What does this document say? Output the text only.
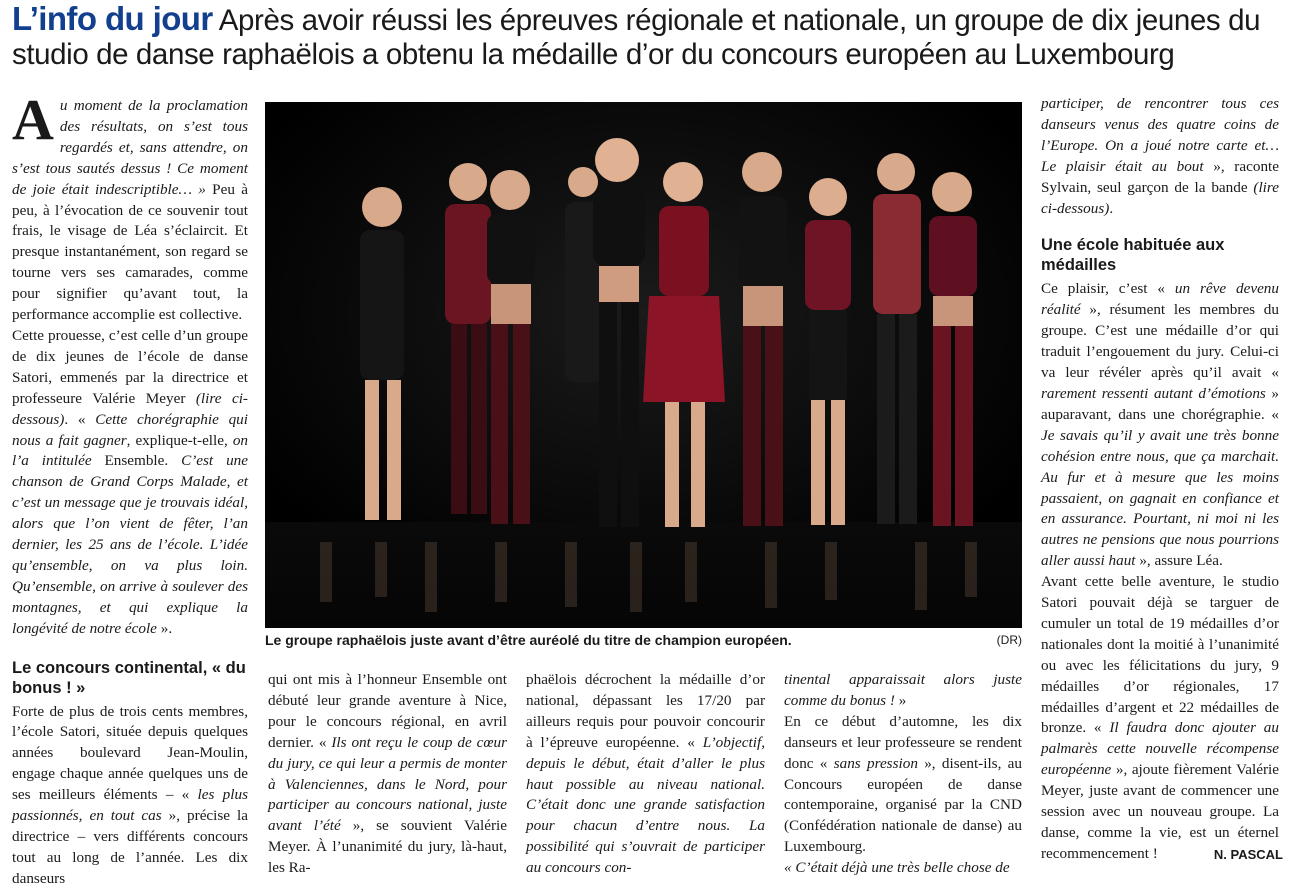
L’info du jour Après avoir réussi les épreuves régionale et nationale, un groupe de dix jeunes du studio de danse raphaëlois a obtenu la médaille d’or du concours européen au Luxembourg

Au moment de la proclamation des résultats, on s’est tous regardés et, sans attendre, on s’est tous sautés dessus ! Ce moment de joie était indescriptible… » Peu à peu, à l’évocation de ce souvenir tout frais, le visage de Léa s’éclaircit. Et presque instantanément, son regard se tourne vers ses camarades, comme pour signifier qu’avant tout, la performance accomplie est collective.

Cette prouesse, c’est celle d’un groupe de dix jeunes de l’école de danse Satori, emmenés par la directrice et professeure Valérie Meyer (lire ci-dessous). « Cette chorégraphie qui nous a fait gagner, explique-t-elle, on l’a intitulée Ensemble. C’est une chanson de Grand Corps Malade, et c’est un message que je trouvais idéal, alors que l’on vient de fêter, l’an dernier, les 25 ans de l’école. L’idée qu’ensemble, on va plus loin. Qu’ensemble, on arrive à soulever des montagnes, et qui explique la longévité de notre école ».

Le concours continental, « du bonus ! »

Forte de plus de trois cents membres, l’école Satori, située depuis quelques années boulevard Jean-Moulin, engage chaque année quelques uns de ses meilleurs éléments – « les plus passionnés, en tout cas », précise la directrice – vers différents concours tout au long de l’année. Les dix danseurs

Le groupe raphaëlois juste avant d’être auréolé du titre de champion européen.	(DR)

qui ont mis à l’honneur Ensemble ont débuté leur grande aventure à Nice, pour le concours régional, en avril dernier. « Ils ont reçu le coup de cœur du jury, ce qui leur a permis de monter à Valenciennes, dans le Nord, pour participer au concours national, juste avant l’été », se souvient Valérie Meyer. À l’unanimité du jury, là-haut, les Ra-

phaëlois décrochent la médaille d’or national, dépassant les 17/20 par ailleurs requis pour pouvoir concourir à l’épreuve européenne. « L’objectif, depuis le début, était d’aller le plus haut possible au niveau national. C’était donc une grande satisfaction pour chacun d’entre nous. La possibilité qui s’ouvrait de participer au concours con-

tinental apparaissait alors juste comme du bonus ! »

En ce début d’automne, les dix danseurs et leur professeure se rendent donc « sans pression », disent-ils, au Concours européen de danse contemporaine, organisé par la CND (Confédération nationale de danse) au Luxembourg.

« C’était déjà une très belle chose de

participer, de rencontrer tous ces danseurs venus des quatre coins de l’Europe. On a joué notre carte et… Le plaisir était au bout », raconte Sylvain, seul garçon de la bande (lire ci-dessous).

Une école habituée aux médailles

Ce plaisir, c’est « un rêve devenu réalité », résument les membres du groupe. C’est une médaille d’or qui traduit l’engouement du jury. Celui-ci va leur révéler après qu’il avait « rarement ressenti autant d’émotions » auparavant, dans une chorégraphie. « Je savais qu’il y avait une très bonne cohésion entre nous, que ça marchait. Au fur et à mesure que les moins passaient, on gagnait en confiance et en assurance. Pourtant, ni moi ni les autres ne pensions que nous pourrions aller aussi haut », assure Léa.

Avant cette belle aventure, le studio Satori pouvait déjà se targuer de cumuler un total de 19 médailles d’or nationales dont la moitié à l’unanimité ou avec les félicitations du jury, 9 médailles d’or régionales, 17 médailles d’argent et 22 médailles de bronze. « Il faudra donc ajouter au palmarès cette nouvelle récompense européenne », ajoute fièrement Valérie Meyer, juste avant de commencer une session avec un nouveau groupe. La danse, comme la vie, est un éternel recommencement !	N. PASCAL
